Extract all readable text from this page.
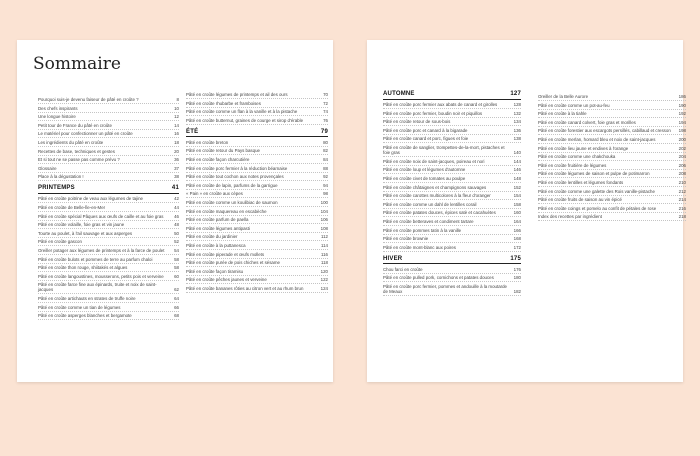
Sommaire
Pourquoi suis-je devenu faiseur de pâté en croûte ?	8
Des chefs inspirants	10
Une longue histoire	12
Petit tour de France du pâté en croûte	14
Le matériel pour confectionner un pâté en croûte	16
Les ingrédients du pâté en croûte	18
Recettes de base, techniques et gestes	20
Et si tout ne se passe pas comme prévu ?	36
Glossaire	37
Place à la dégustation !	38
PRINTEMPS	41
Pâté en croûte poitrine de veau aux légumes de tajine	42
Pâté en croûte de Belle-Île-en-Mer	44
Pâté en croûte spécial Pâques aux œufs de caille et au foie gras 46
Pâté en croûte volaille, foie gras et vin jaune	48
Tourte au poulet, à l'ail sauvage et aux asperges	50
Pâté en croûte gascon	52
Oreiller potager aux légumes de printemps et à la farce de poulet 54
Pâté en croûte bulots et pommes de terre au parfum chaloi	58
Pâté en croûte thon rouge, shiitakés et algues	58
Pâté en croûte langoustines, mousserons, petits pois et verveine 60
Pâté en croûte farce fine aux épinards, truite et noix de saint-jacques	62
Pâté en croûte artichauts en strates de truffe noire	64
Pâté en croûte comme un tian de légumes	66
Pâté en croûte asperges blanches et bergamote	68
Pâté en croûte légumes de printemps et ail des ours	70
Pâté en croûte rhubarbe et framboises	72
Pâté en croûte comme un flan à la vanille et à la pistache	74
Pâté en croûte butternut, graines de courge et sirop d'érable	76
ÉTÉ	79
Pâté en croûte breton	80
Pâté en croûte retour du Pays basque	82
Pâté en croûte façon charcutière	84
Pâté en croûte porc fermier à la réduction béarnaise	88
Pâté en croûte tout cochon aux notes provençales	92
Pâté en croûte de lapin, parfums de la garrigue	94
« Pain » en croûte aux cèpes	98
Pâté en croûte comme un koulibiac de saumon	100
Pâté en croûte maquereau en escabèche	104
Pâté en croûte parfum de paella	106
Pâté en croûte légumes antipasti	108
Pâté en croûte du jardinier	112
Pâté en croûte à la puttanesca	114
Pâté en croûte piperade et œufs mollets	116
Pâté en croûte purée de pois chiches et sésame	118
Pâté en croûte façon tiramisu	120
Pâté en croûte pêches jaunes et verveine	122
Pâté en croûte bananes rôties au citron vert et au rhum brun	124
AUTOMNE	127
Pâté en croûte porc fermier aux abats de canard et girolles	128
Pâté en croûte porc fermier, boudin noir et piquillos	132
Pâté en croûte retour de sous-bois	134
Pâté en croûte porc et canard à la bigarade	136
Pâté en croûte canard et porc, figues et foie	138
Pâté en croûte de sanglier, trompettes-de-la-mort, pistaches et foie gras	140
Pâté en croûte noix de saint-jacques, poireau et nori	144
Pâté en croûte loup et légumes d'automne	146
Pâté en croûte civet de tomates au poulpe	148
Pâté en croûte châtaignes et champignons sauvages	152
Pâté en croûte carottes multicolores à la fleur d'oranger	154
Pâté en croûte comme un dahl de lentilles corail	158
Pâté en croûte patates douces, épices satè et cacahuètes	160
Pâté en croûte betteraves et condiment tartare	164
Pâté en croûte pommes tatin à la vanille	166
Pâté en croûte brownie	168
Pâté en croûte mont-blanc aux poires	172
HIVER	175
Chou farci en croûte	176
Pâté en croûte pulled pork, cornichons et patates douces	180
Pâté en croûte porc fermier, pommes et andouille à la moutarde de Meaux	182
Oreiller de la Belle Aurore	186
Pâté en croûte comme un pot-au-feu	190
Pâté en croûte à la tiahle	192
Pâté en croûte canard colvert, foie gras et morilles	194
Pâté en croûte forestier aux escargots persillés, cabillaud et cresson 198
Pâté en croûte merlan, homard bleu et noix de saint-jacques	200
Pâté en croûte lieu jaune et endives à l'orange	202
Pâté en croûte comme une chakchouka	204
Pâté en croûte fruitière de légumes	206
Pâté en croûte légumes de saison et pulpe de potimarron	208
Pâté en croûte lentilles et légumes fondants	210
Pâté en croûte comme une galette des Rois vanille-pistache	212
Pâté en croûte fruits de saison au vin épicé	214
Pâté en croûte coings et pomelo au confit de pétales de rose	216
Index des recettes par ingrédient	218
